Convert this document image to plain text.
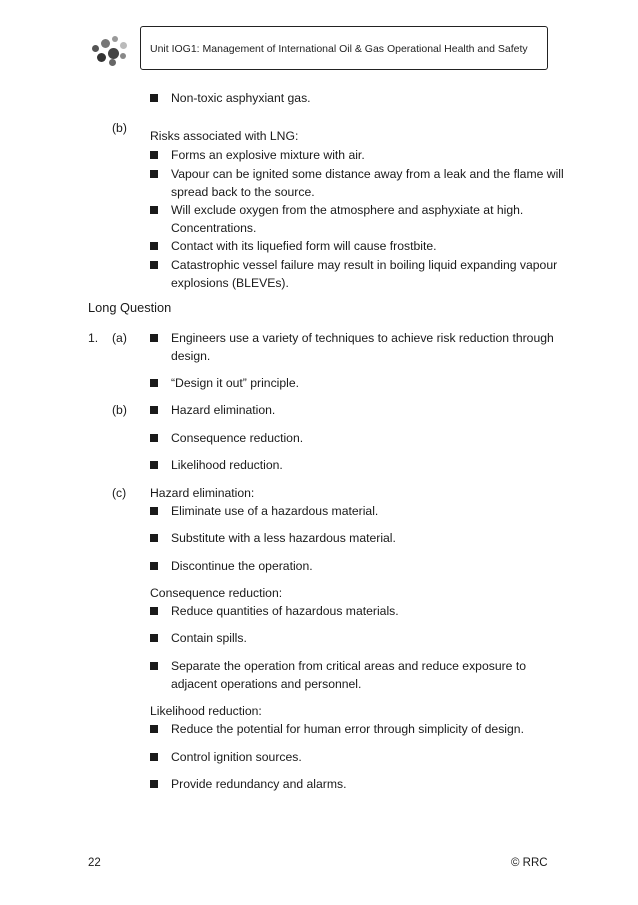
Unit IOG1: Management of International Oil & Gas Operational Health and Safety
Non-toxic asphyxiant gas.
(b)
Risks associated with LNG:
Forms an explosive mixture with air.
Vapour can be ignited some distance away from a leak and the flame will spread back to the source.
Will exclude oxygen from the atmosphere and asphyxiate at high. Concentrations.
Contact with its liquefied form will cause frostbite.
Catastrophic vessel failure may result in boiling liquid expanding vapour explosions (BLEVEs).
Long Question
1. (a)	Engineers use a variety of techniques to achieve risk reduction through design.
“Design it out” principle.
(b)	Hazard elimination.
Consequence reduction.
Likelihood reduction.
(c) Hazard elimination:
Eliminate use of a hazardous material.
Substitute with a less hazardous material.
Discontinue the operation.
Consequence reduction:
Reduce quantities of hazardous materials.
Contain spills.
Separate the operation from critical areas and reduce exposure to adjacent operations and personnel.
Likelihood reduction:
Reduce the potential for human error through simplicity of design.
Control ignition sources.
Provide redundancy and alarms.
22	© RRC
